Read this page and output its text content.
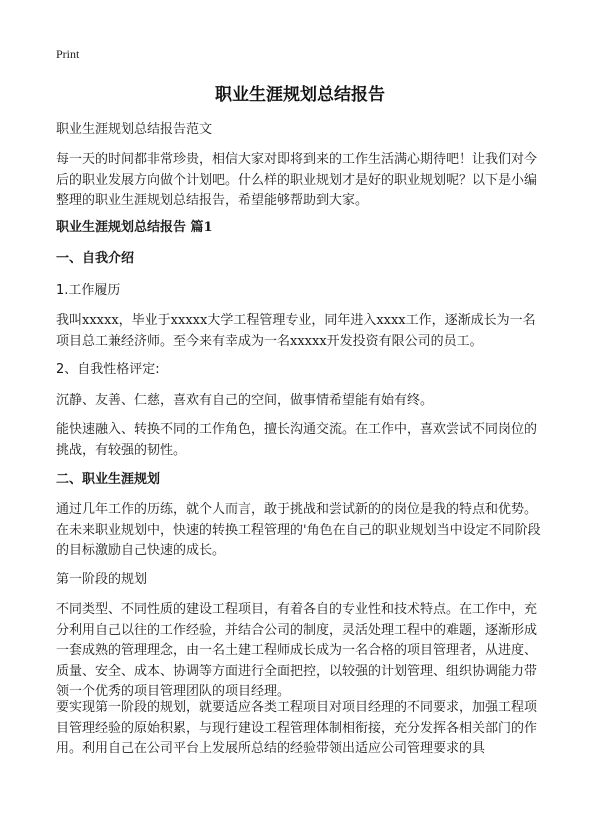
Print
职业生涯规划总结报告
职业生涯规划总结报告范文
每一天的时间都非常珍贵，相信大家对即将到来的工作生活满心期待吧！让我们对今后的职业发展方向做个计划吧。什么样的职业规划才是好的职业规划呢？以下是小编整理的职业生涯规划总结报告，希望能够帮助到大家。
职业生涯规划总结报告 篇1
一、自我介绍
1.工作履历
我叫xxxxx，毕业于xxxxx大学工程管理专业，同年进入xxxx工作，逐渐成长为一名项目总工兼经济师。至今来有幸成为一名xxxxx开发投资有限公司的员工。
2、自我性格评定:
沉静、友善、仁慈，喜欢有自己的空间，做事情希望能有始有终。
能快速融入、转换不同的工作角色，擅长沟通交流。在工作中，喜欢尝试不同岗位的挑战，有较强的韧性。
二、职业生涯规划
通过几年工作的历练，就个人而言，敢于挑战和尝试新的的岗位是我的特点和优势。在未来职业规划中，快速的转换工程管理的'角色在自己的职业规划当中设定不同阶段的目标激励自己快速的成长。
第一阶段的规划
不同类型、不同性质的建设工程项目，有着各自的专业性和技术特点。在工作中，充分利用自己以往的工作经验，并结合公司的制度，灵活处理工程中的难题，逐渐形成一套成熟的管理理念，由一名土建工程师成长成为一名合格的项目管理者，从进度、质量、安全、成本、协调等方面进行全面把控，以较强的计划管理、组织协调能力带领一个优秀的项目管理团队的项目经理。
要实现第一阶段的规划，就要适应各类工程项目对项目经理的不同要求，加强工程项目管理经验的原始积累，与现行建设工程管理体制相衔接，充分发挥各相关部门的作用。利用自己在公司平台上发展所总结的经验带领出适应公司管理要求的具
